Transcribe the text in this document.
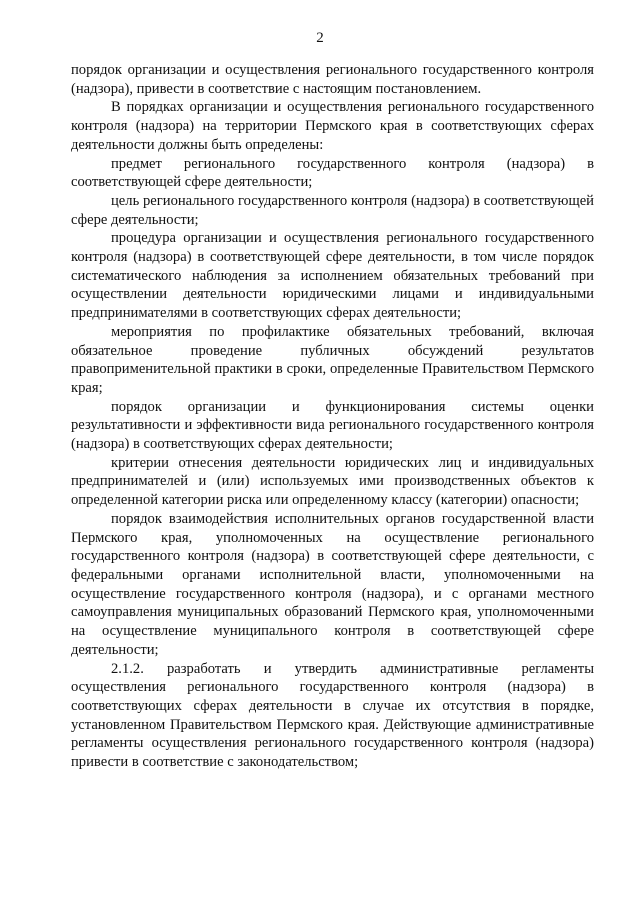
2

порядок организации и осуществления регионального государственного контроля (надзора), привести в соответствие с настоящим постановлением.

В порядках организации и осуществления регионального государственного контроля (надзора) на территории Пермского края в соответствующих сферах деятельности должны быть определены:

предмет регионального государственного контроля (надзора) в соответствующей сфере деятельности;

цель регионального государственного контроля (надзора) в соответствующей сфере деятельности;

процедура организации и осуществления регионального государственного контроля (надзора) в соответствующей сфере деятельности, в том числе порядок систематического наблюдения за исполнением обязательных требований при осуществлении деятельности юридическими лицами и индивидуальными предпринимателями в соответствующих сферах деятельности;

мероприятия по профилактике обязательных требований, включая обязательное проведение публичных обсуждений результатов правоприменительной практики в сроки, определенные Правительством Пермского края;

порядок организации и функционирования системы оценки результативности и эффективности вида регионального государственного контроля (надзора) в соответствующих сферах деятельности;

критерии отнесения деятельности юридических лиц и индивидуальных предпринимателей и (или) используемых ими производственных объектов к определенной категории риска или определенному классу (категории) опасности;

порядок взаимодействия исполнительных органов государственной власти Пермского края, уполномоченных на осуществление регионального государственного контроля (надзора) в соответствующей сфере деятельности, с федеральными органами исполнительной власти, уполномоченными на осуществление государственного контроля (надзора), и с органами местного самоуправления муниципальных образований Пермского края, уполномоченными на осуществление муниципального контроля в соответствующей сфере деятельности;

2.1.2. разработать и утвердить административные регламенты осуществления регионального государственного контроля (надзора) в соответствующих сферах деятельности в случае их отсутствия в порядке, установленном Правительством Пермского края. Действующие административные регламенты осуществления регионального государственного контроля (надзора) привести в соответствие с законодательством;
